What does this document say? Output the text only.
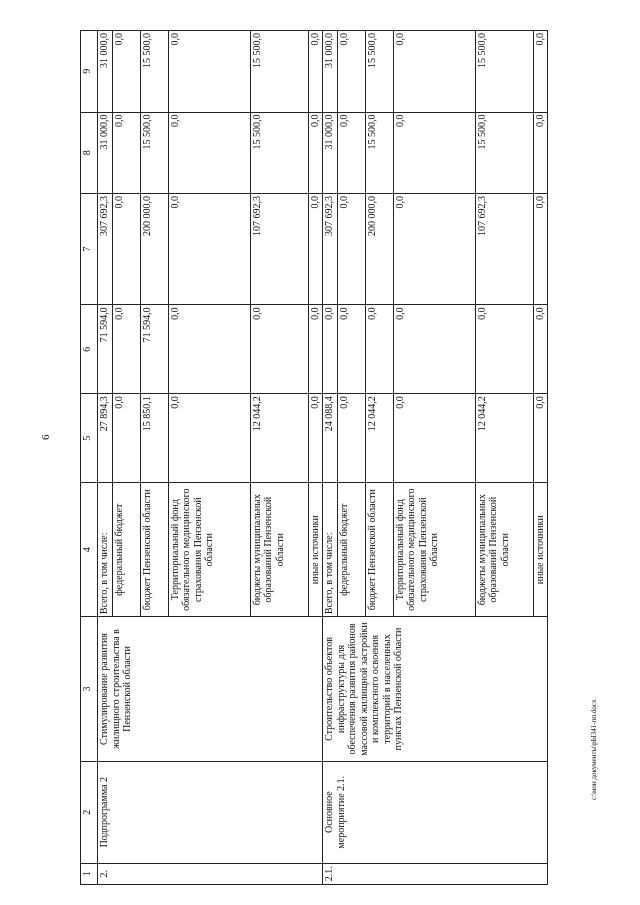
6
1	2	3	4	5	6	7	8	9
2.	Подпрограмма 2	Стимулирование развития жилищного строительства в Пензенской области	Всего, в том числе:	27 894,3	71 594,0	307 692,3	31 000,0	31 000,0
			федеральный бюджет	0,0	0,0	0,0	0,0	0,0
			бюджет Пензенской области	15 850,1	71 594,0	200 000,0	15 500,0	15 500,0
			Территориальный фонд обязательного медицинского страхования Пензенской области	0,0	0,0	0,0	0,0	0,0
			бюджеты муниципальных образований Пензенской области	12 044,2	0,0	107 692,3	15 500,0	15 500,0
			иные источники	0,0	0,0	0,0	0,0	0,0
2.1.	Основное мероприятие 2.1.	Строительство объектов инфраструктуры для обеспечения развития районов массовой жилищной застройки и комплексного освоения территорий в населенных пунктах Пензенской области	Всего, в том числе:	24 088,4	0,0	307 692,3	31 000,0	31 000,0
			федеральный бюджет	0,0	0,0	0,0	0,0	0,0
			бюджет Пензенской области	12 044,2	0,0	200 000,0	15 500,0	15 500,0
			Территориальный фонд обязательного медицинского страхования Пензенской области	0,0	0,0	0,0	0,0	0,0
			бюджеты муниципальных образований Пензенской области	12 044,2	0,0	107 692,3	15 500,0	15 500,0
			иные источники	0,0	0,0	0,0	0,0	0,0
c:\мои документы\рЫ341-пп.docx
